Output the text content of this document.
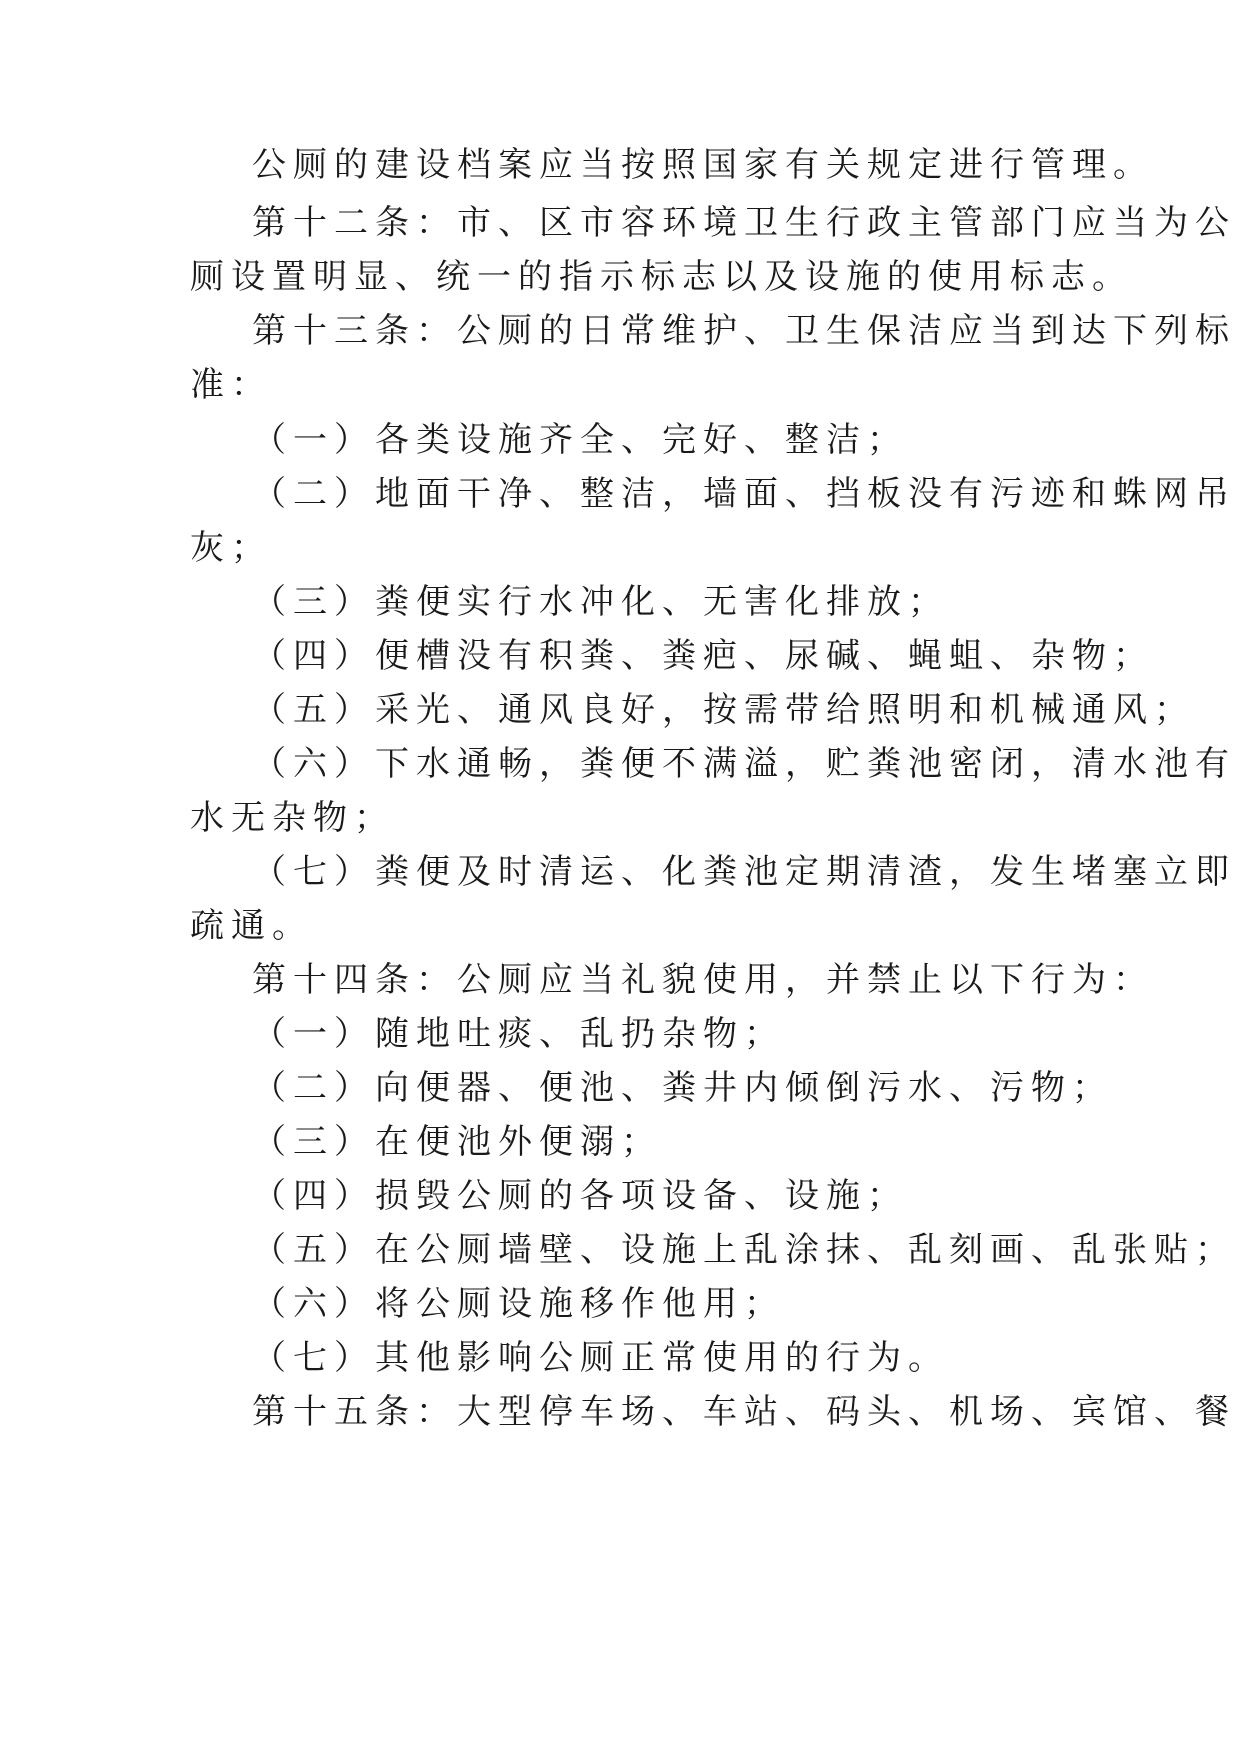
公厕的建设档案应当按照国家有关规定进行管理。
第十二条：市、区市容环境卫生行政主管部门应当为公
厕设置明显、统一的指示标志以及设施的使用标志。
第十三条：公厕的日常维护、卫生保洁应当到达下列标
准：
（一）各类设施齐全、完好、整洁；
（二）地面干净、整洁，墙面、挡板没有污迹和蛛网吊
灰；
（三）粪便实行水冲化、无害化排放；
（四）便槽没有积粪、粪疤、尿碱、蝇蛆、杂物；
（五）采光、通风良好，按需带给照明和机械通风；
（六）下水通畅，粪便不满溢，贮粪池密闭，清水池有
水无杂物；
（七）粪便及时清运、化粪池定期清渣，发生堵塞立即
疏通。
第十四条：公厕应当礼貌使用，并禁止以下行为：
（一）随地吐痰、乱扔杂物；
（二）向便器、便池、粪井内倾倒污水、污物；
（三）在便池外便溺；
（四）损毁公厕的各项设备、设施；
（五）在公厕墙壁、设施上乱涂抹、乱刻画、乱张贴；
（六）将公厕设施移作他用；
（七）其他影响公厕正常使用的行为。
第十五条：大型停车场、车站、码头、机场、宾馆、餐
